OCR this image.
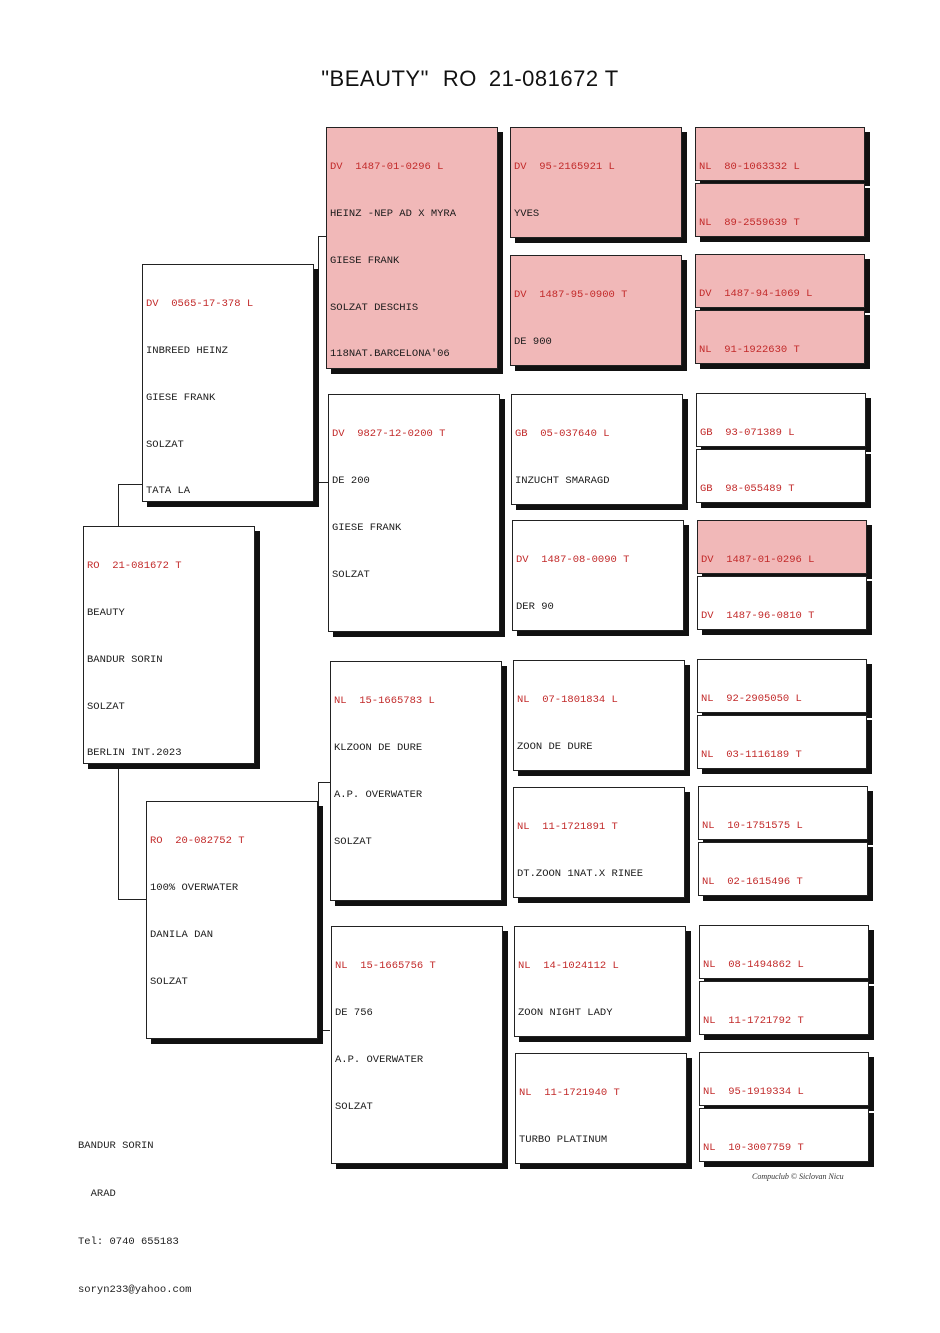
"BEAUTY" RO 21-081672 T

RO  21-081672 T

BEAUTY

BANDUR SORIN

SOLZAT

BERLIN INT.2023

DV  0565-17-378 L

INBREED HEINZ

GIESE FRANK

SOLZAT

TATA LA

RO  20-082752 T

100% OVERWATER

DANILA DAN

SOLZAT

DV  1487-01-0296 L

HEINZ -NEP AD X MYRA

GIESE FRANK

SOLZAT DESCHIS

118NAT.BARCELONA'06

DV  9827-12-0200 T

DE 200

GIESE FRANK

SOLZAT

NL  15-1665783 L

KLZOON DE DURE

A.P. OVERWATER

SOLZAT

NL  15-1665756 T

DE 756

A.P. OVERWATER

SOLZAT

DV  95-2165921 L

YVES

DV  1487-95-0900 T

DE 900

GB  05-037640 L

INZUCHT SMARAGD

DV  1487-08-0090 T

DER 90

NL  07-1801834 L

ZOON DE DURE

NL  11-1721891 T

DT.ZOON 1NAT.X RINEE

NL  14-1024112 L

ZOON NIGHT LADY

NL  11-1721940 T

TURBO PLATINUM

NL  80-1063332 L

NL  89-2559639 T

DV  1487-94-1069 L

NL  91-1922630 T

GB  93-071389 L

GB  98-055489 T

DV  1487-01-0296 L

DV  1487-96-0810 T

NL  92-2905050 L

NL  03-1116189 T

NL  10-1751575 L

NL  02-1615496 T

NL  08-1494862 L

NL  11-1721792 T

NL  95-1919334 L

NL  10-3007759 T

BANDUR SORIN

ARAD

Tel: 0740 655183

soryn233@yahoo.com

Compuclub © Siclovan Nicu
